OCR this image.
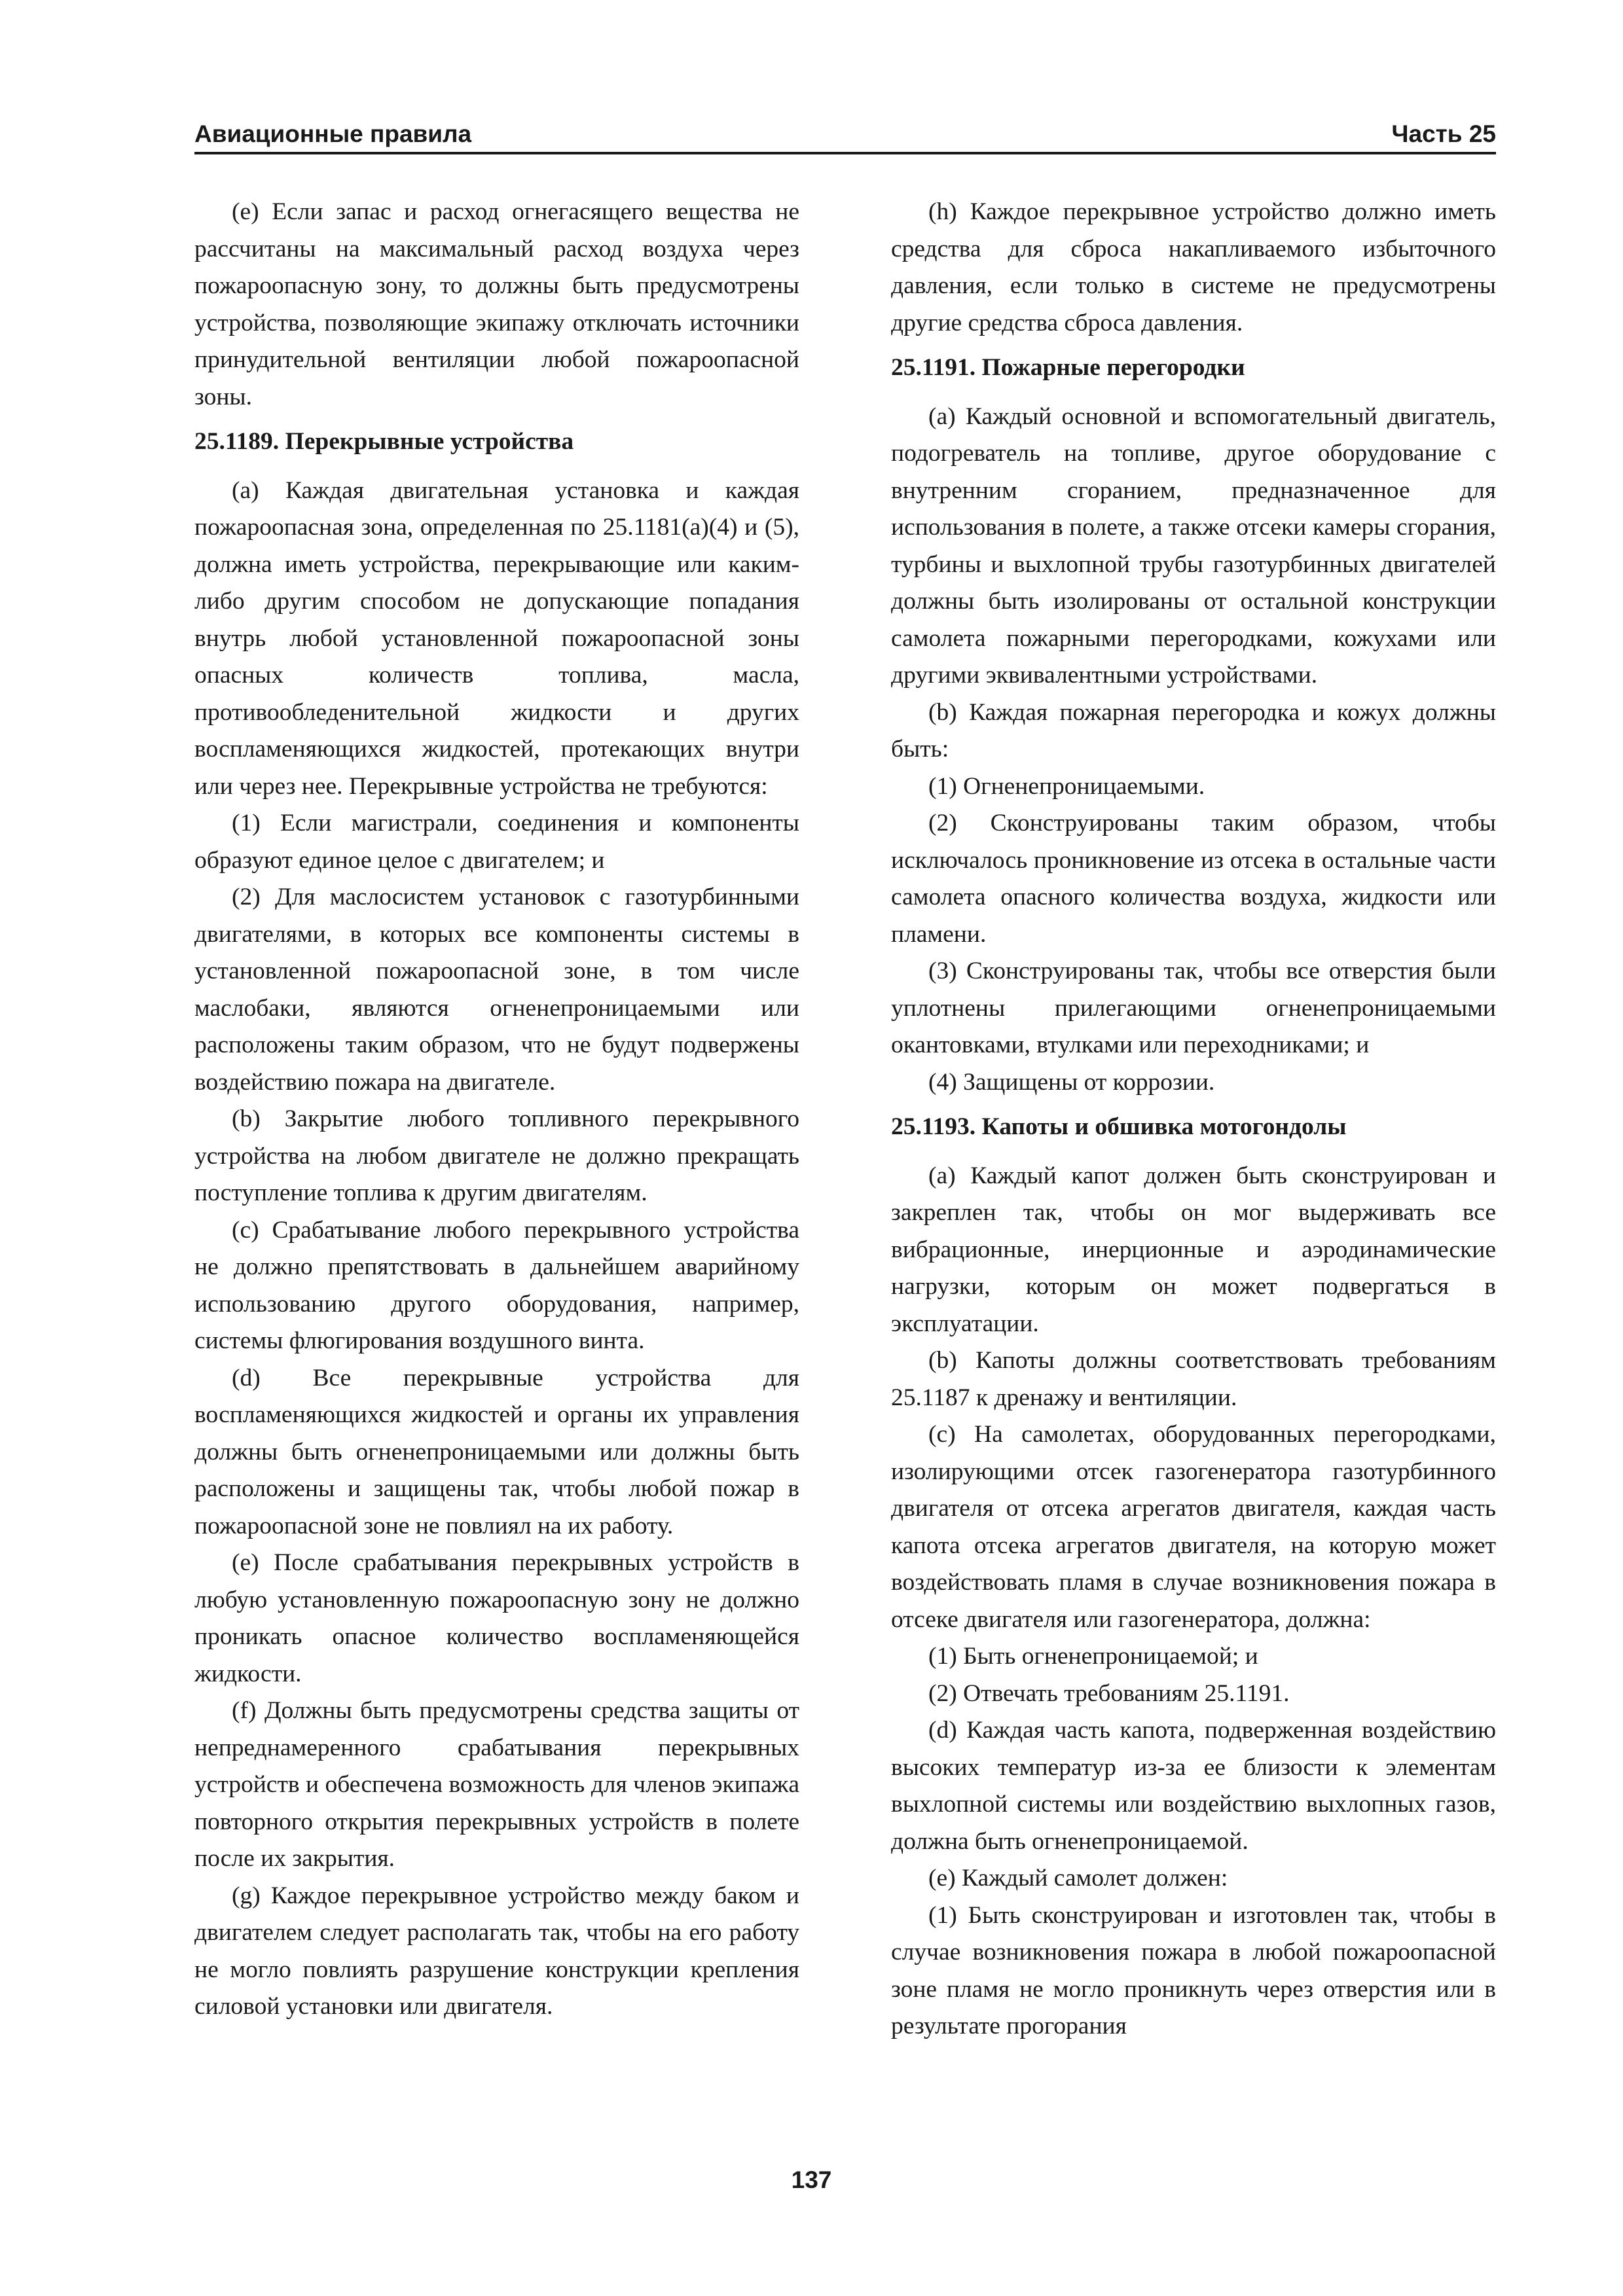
Авиационные правила	Часть 25

(e) Если запас и расход огнегасящего вещества не рассчитаны на максимальный расход воздуха через пожароопасную зону, то должны быть предусмотрены устройства, позволяющие экипажу отключать источники принудительной вентиляции любой пожароопасной зоны.

25.1189. Перекрывные устройства

(a) Каждая двигательная установка и каждая пожароопасная зона, определенная по 25.1181(a)(4) и (5), должна иметь устройства, перекрывающие или каким-либо другим способом не допускающие попадания внутрь любой установленной пожароопасной зоны опасных количеств топлива, масла, противообледенительной жидкости и других воспламеняющихся жидкостей, протекающих внутри или через нее. Перекрывные устройства не требуются:

(1) Если магистрали, соединения и компоненты образуют единое целое с двигателем; и

(2) Для маслосистем установок с газотурбинными двигателями, в которых все компоненты системы в установленной пожароопасной зоне, в том числе маслобаки, являются огненепроницаемыми или расположены таким образом, что не будут подвержены воздействию пожара на двигателе.

(b) Закрытие любого топливного перекрывного устройства на любом двигателе не должно прекращать поступление топлива к другим двигателям.

(c) Срабатывание любого перекрывного устройства не должно препятствовать в дальнейшем аварийному использованию другого оборудования, например, системы флюгирования воздушного винта.

(d) Все перекрывные устройства для воспламеняющихся жидкостей и органы их управления должны быть огненепроницаемыми или должны быть расположены и защищены так, чтобы любой пожар в пожароопасной зоне не повлиял на их работу.

(e) После срабатывания перекрывных устройств в любую установленную пожароопасную зону не должно проникать опасное количество воспламеняющейся жидкости.

(f) Должны быть предусмотрены средства защиты от непреднамеренного срабатывания перекрывных устройств и обеспечена возможность для членов экипажа повторного открытия перекрывных устройств в полете после их закрытия.

(g) Каждое перекрывное устройство между баком и двигателем следует располагать так, чтобы на его работу не могло повлиять разрушение конструкции крепления силовой установки или двигателя.

(h) Каждое перекрывное устройство должно иметь средства для сброса накапливаемого избыточного давления, если только в системе не предусмотрены другие средства сброса давления.

25.1191. Пожарные перегородки

(a) Каждый основной и вспомогательный двигатель, подогреватель на топливе, другое оборудование с внутренним сгоранием, предназначенное для использования в полете, а также отсеки камеры сгорания, турбины и выхлопной трубы газотурбинных двигателей должны быть изолированы от остальной конструкции самолета пожарными перегородками, кожухами или другими эквивалентными устройствами.

(b) Каждая пожарная перегородка и кожух должны быть:

(1) Огненепроницаемыми.

(2) Сконструированы таким образом, чтобы исключалось проникновение из отсека в остальные части самолета опасного количества воздуха, жидкости или пламени.

(3) Сконструированы так, чтобы все отверстия были уплотнены прилегающими огненепроницаемыми окантовками, втулками или переходниками; и

(4) Защищены от коррозии.

25.1193. Капоты и обшивка мотогондолы

(a) Каждый капот должен быть сконструирован и закреплен так, чтобы он мог выдерживать все вибрационные, инерционные и аэродинамические нагрузки, которым он может подвергаться в эксплуатации.

(b) Капоты должны соответствовать требованиям 25.1187 к дренажу и вентиляции.

(c) На самолетах, оборудованных перегородками, изолирующими отсек газогенератора газотурбинного двигателя от отсека агрегатов двигателя, каждая часть капота отсека агрегатов двигателя, на которую может воздействовать пламя в случае возникновения пожара в отсеке двигателя или газогенератора, должна:

(1) Быть огненепроницаемой; и

(2) Отвечать требованиям 25.1191.

(d) Каждая часть капота, подверженная воздействию высоких температур из-за ее близости к элементам выхлопной системы или воздействию выхлопных газов, должна быть огненепроницаемой.

(e) Каждый самолет должен:

(1) Быть сконструирован и изготовлен так, чтобы в случае возникновения пожара в любой пожароопасной зоне пламя не могло проникнуть через отверстия или в результате прогорания

137
